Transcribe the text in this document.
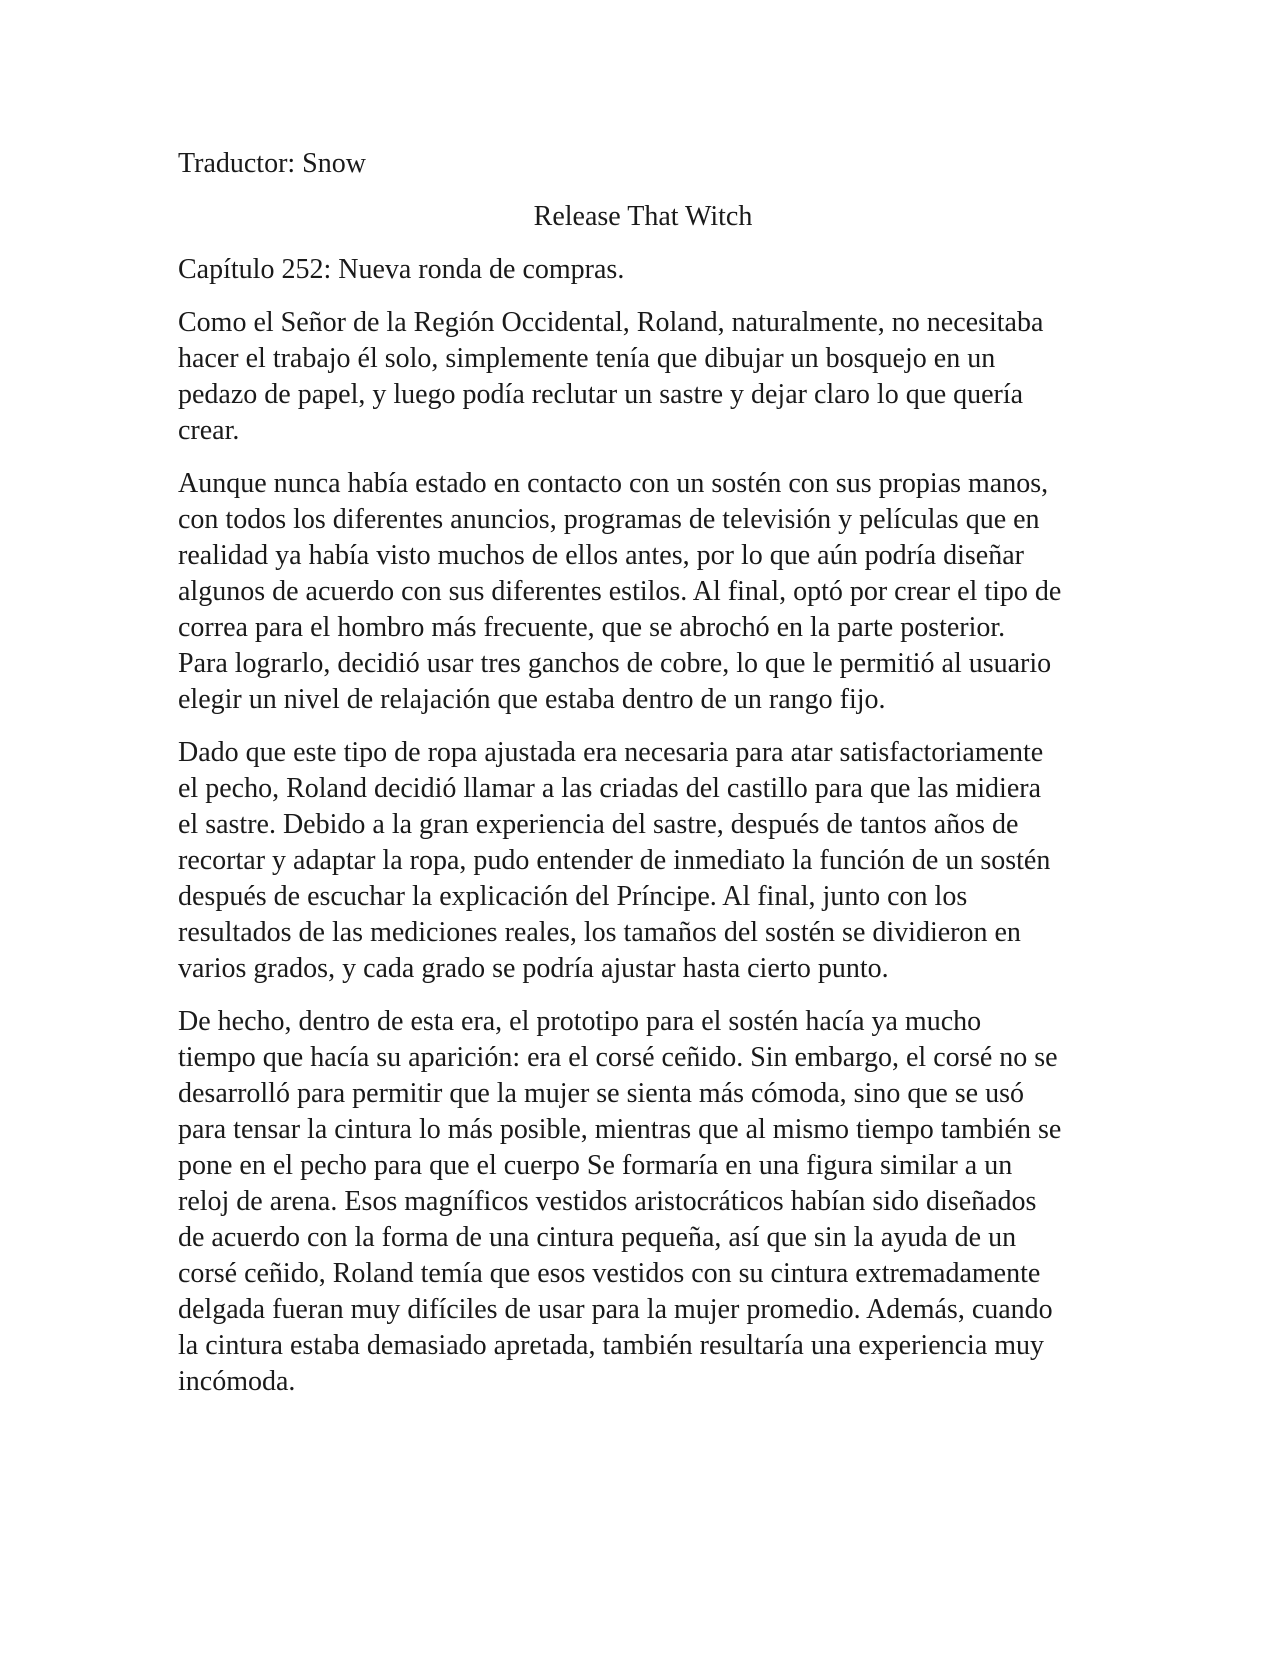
Traductor: Snow
Release That Witch
Capítulo 252: Nueva ronda de compras.
Como el Señor de la Región Occidental, Roland, naturalmente, no necesitaba
hacer el trabajo él solo, simplemente tenía que dibujar un bosquejo en un
pedazo de papel, y luego podía reclutar un sastre y dejar claro lo que quería
crear.
Aunque nunca había estado en contacto con un sostén con sus propias manos,
con todos los diferentes anuncios, programas de televisión y películas que en
realidad ya había visto muchos de ellos antes, por lo que aún podría diseñar
algunos de acuerdo con sus diferentes estilos. Al final, optó por crear el tipo de
correa para el hombro más frecuente, que se abrochó en la parte posterior.
Para lograrlo, decidió usar tres ganchos de cobre, lo que le permitió al usuario
elegir un nivel de relajación que estaba dentro de un rango fijo.
Dado que este tipo de ropa ajustada era necesaria para atar satisfactoriamente
el pecho, Roland decidió llamar a las criadas del castillo para que las midiera
el sastre. Debido a la gran experiencia del sastre, después de tantos años de
recortar y adaptar la ropa, pudo entender de inmediato la función de un sostén
después de escuchar la explicación del Príncipe. Al final, junto con los
resultados de las mediciones reales, los tamaños del sostén se dividieron en
varios grados, y cada grado se podría ajustar hasta cierto punto.
De hecho, dentro de esta era, el prototipo para el sostén hacía ya mucho
tiempo que hacía su aparición: era el corsé ceñido. Sin embargo, el corsé no se
desarrolló para permitir que la mujer se sienta más cómoda, sino que se usó
para tensar la cintura lo más posible, mientras que al mismo tiempo también se
pone en el pecho para que el cuerpo Se formaría en una figura similar a un
reloj de arena. Esos magníficos vestidos aristocráticos habían sido diseñados
de acuerdo con la forma de una cintura pequeña, así que sin la ayuda de un
corsé ceñido, Roland temía que esos vestidos con su cintura extremadamente
delgada fueran muy difíciles de usar para la mujer promedio. Además, cuando
la cintura estaba demasiado apretada, también resultaría una experiencia muy
incómoda.
